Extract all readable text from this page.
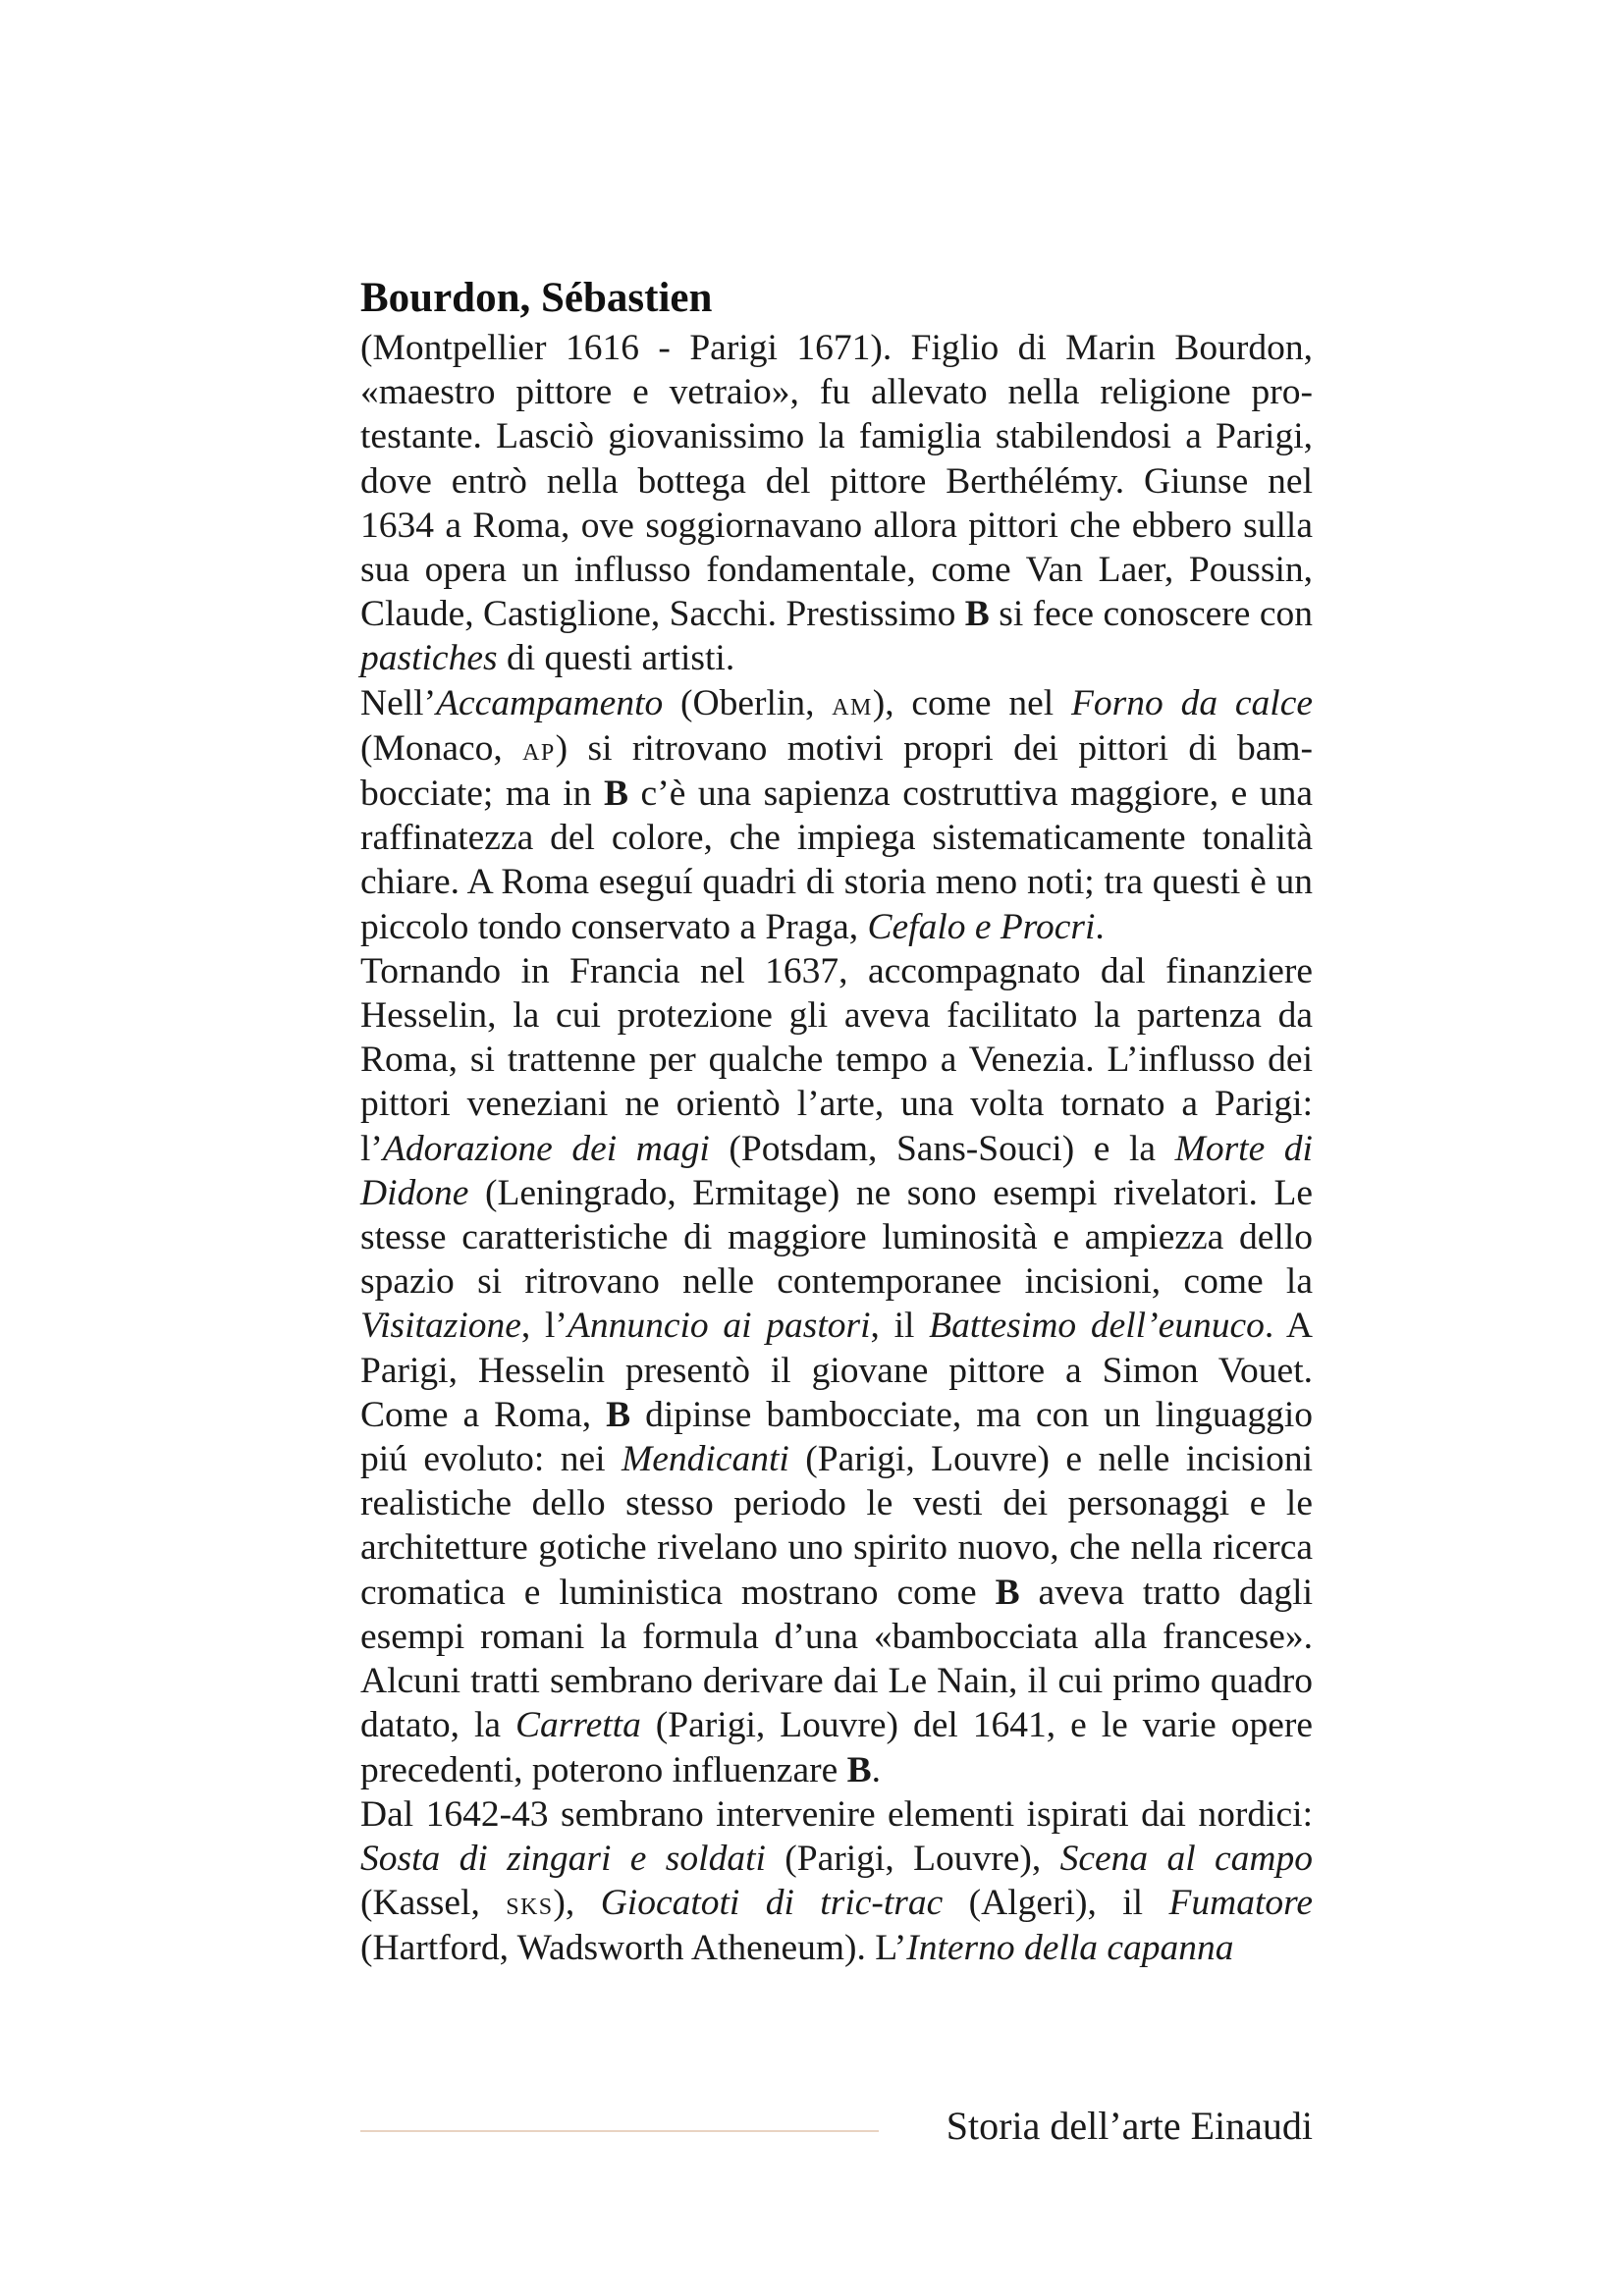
Bourdon, Sébastien

(Montpellier 1616 - Parigi 1671). Figlio di Marin Bourdon, «maestro pittore e vetraio», fu allevato nella religione protestante. Lasciò giovanissimo la famiglia stabilendosi a Parigi, dove entrò nella bottega del pittore Berthélémy. Giunse nel 1634 a Roma, ove soggiornavano allora pittori che ebbero sulla sua opera un influsso fondamentale, come Van Laer, Poussin, Claude, Castiglione, Sacchi. Prestissimo B si fece conoscere con pastiches di questi artisti.

Nell’Accampamento (Oberlin, am), come nel Forno da calce (Monaco, ap) si ritrovano motivi propri dei pittori di bambocciate; ma in B c’è una sapienza costruttiva maggiore, e una raffinatezza del colore, che impiega sistematicamente tonalità chiare. A Roma eseguí quadri di storia meno noti; tra questi è un piccolo tondo conservato a Praga, Cefalo e Procri.

Tornando in Francia nel 1637, accompagnato dal finanziere Hesselin, la cui protezione gli aveva facilitato la partenza da Roma, si trattenne per qualche tempo a Venezia. L’influsso dei pittori veneziani ne orientò l’arte, una volta tornato a Parigi: l’Adorazione dei magi (Potsdam, Sans-Souci) e la Morte di Didone (Leningrado, Ermitage) ne sono esempi rivelatori. Le stesse caratteristiche di maggiore luminosità e ampiezza dello spazio si ritrovano nelle contemporanee incisioni, come la Visitazione, l’Annuncio ai pastori, il Battesimo dell’eunuco. A Parigi, Hesselin presentò il giovane pittore a Simon Vouet. Come a Roma, B dipinse bambocciate, ma con un linguaggio piú evoluto: nei Mendicanti (Parigi, Louvre) e nelle incisioni realistiche dello stesso periodo le vesti dei personaggi e le architetture gotiche rivelano uno spirito nuovo, che nella ricerca cromatica e luministica mostrano come B aveva tratto dagli esempi romani la formula d’una «bambocciata alla francese». Alcuni tratti sembrano derivare dai Le Nain, il cui primo quadro datato, la Carretta (Parigi, Louvre) del 1641, e le varie opere precedenti, poterono influenzare B.

Dal 1642-43 sembrano intervenire elementi ispirati dai nordici: Sosta di zingari e soldati (Parigi, Louvre), Scena al campo (Kassel, sks), Giocatoti di tric-trac (Algeri), il Fumatore (Hartford, Wadsworth Atheneum). L’Interno della capanna

Storia dell’arte Einaudi
